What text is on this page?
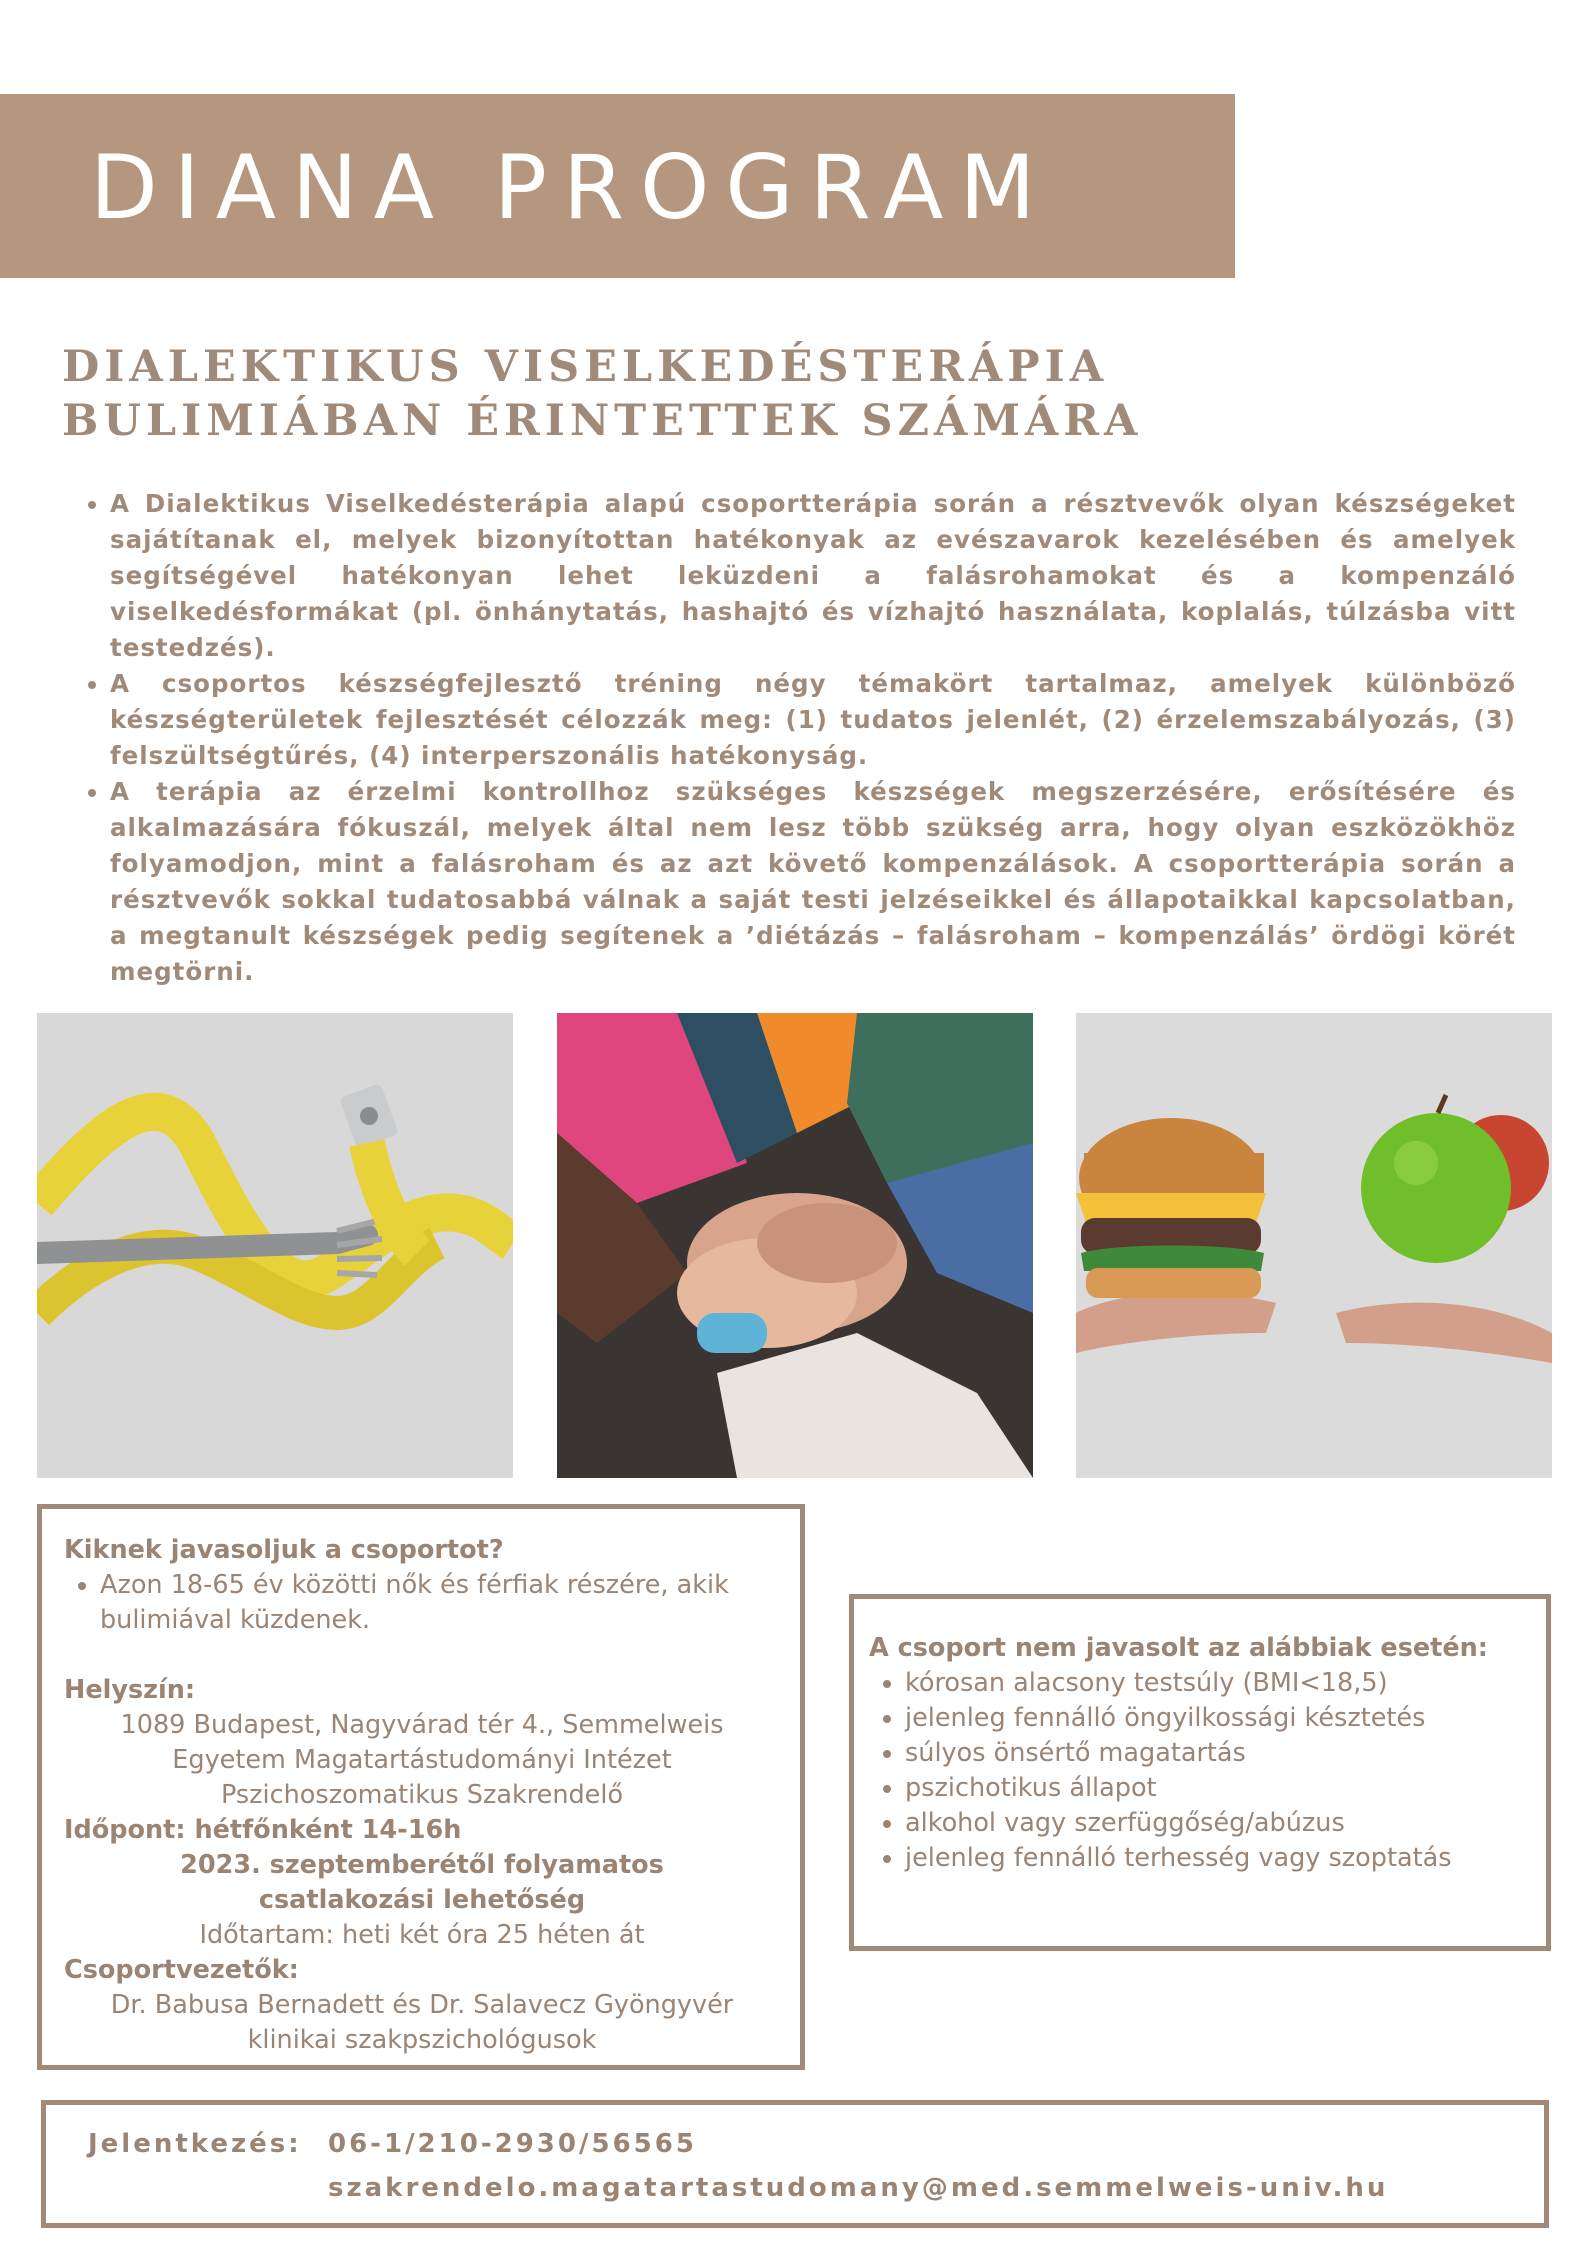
DIANA PROGRAM
DIALEKTIKUS VISELKEDÉSTERÁPIA
BULIMIÁBAN ÉRINTETTEK SZÁMÁRA
• A Dialektikus Viselkedésterápia alapú csoportterápia során a résztvevők olyan készségeket sajátítanak el, melyek bizonyítottan hatékonyak az evészavarok kezelésében és amelyek segítségével hatékonyan lehet leküzdeni a falásrohamokat és a kompenzáló viselkedésformákat (pl. önhánytatás, hashajtó és vízhajtó használata, koplalás, túlzásba vitt testedzés).
• A csoportos készségfejlesztő tréning négy témakört tartalmaz, amelyek különböző készségterületek fejlesztését célozzák meg: (1) tudatos jelenlét, (2) érzelemszabályozás, (3) felszültségtűrés, (4) interperszonális hatékonyság.
• A terápia az érzelmi kontrollhoz szükséges készségek megszerzésére, erősítésére és alkalmazására fókuszál, melyek által nem lesz több szükség arra, hogy olyan eszközökhöz folyamodjon, mint a falásroham és az azt követő kompenzálások. A csoportterápia során a résztvevők sokkal tudatosabbá válnak a saját testi jelzéseikkel és állapotaikkal kapcsolatban, a megtanult készségek pedig segítenek a ’diétázás – falásroham – kompenzálás’ ördögi körét megtörni.

Kiknek javasoljuk a csoportot?

• Azon 18-65 év közötti nők és férfiak részére, akik bulimiával küzdenek.

Helyszín:

1089 Budapest, Nagyvárad tér 4., Semmelweis

Egyetem Magatartástudományi Intézet

Pszichoszomatikus Szakrendelő

Időpont: hétfőnként 14-16h

2023. szeptemberétől folyamatos

csatlakozási lehetőség

Időtartam: heti két óra 25 héten át

Csoportvezetők:

Dr. Babusa Bernadett és Dr. Salavecz Gyöngyvér

klinikai szakpszichológusok

A csoport nem javasolt az alábbiak esetén:

• kórosan alacsony testsúly (BMI<18,5)
• jelenleg fennálló öngyilkossági késztetés
• súlyos önsértő magatartás
• pszichotikus állapot
• alkohol vagy szerfüggőség/abúzus
• jelenleg fennálló terhesség vagy szoptatás
Jelentkezés: 06-1/210-2930/56565
szakrendelo.magatartastudomany@med.semmelweis-univ.hu
